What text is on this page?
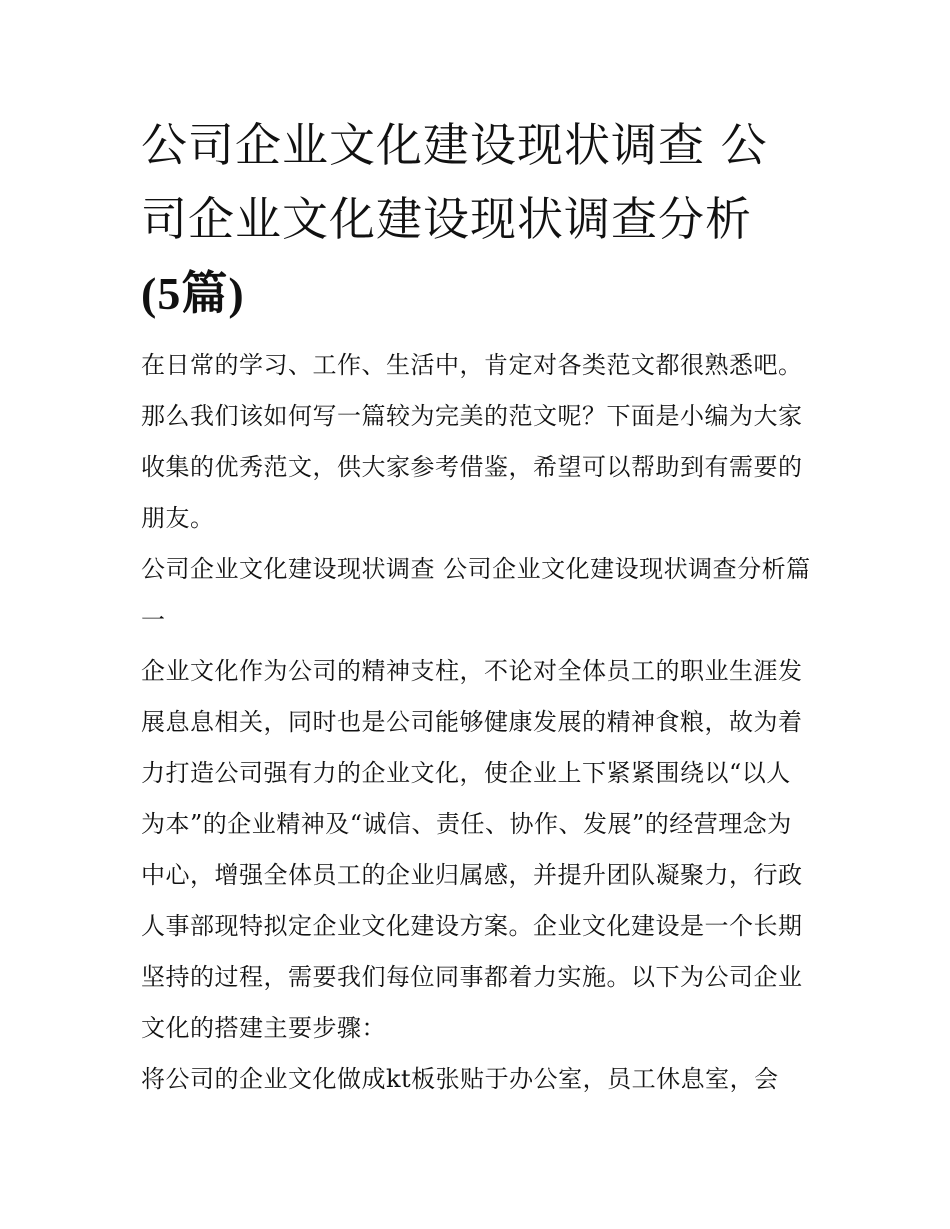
公司企业文化建设现状调查 公司企业文化建设现状调查分析
(5篇)

在日常的学习、工作、生活中，肯定对各类范文都很熟悉吧。那么我们该如何写一篇较为完美的范文呢？下面是小编为大家收集的优秀范文，供大家参考借鉴，希望可以帮助到有需要的朋友。

公司企业文化建设现状调查 公司企业文化建设现状调查分析篇一

企业文化作为公司的精神支柱，不论对全体员工的职业生涯发展息息相关，同时也是公司能够健康发展的精神食粮，故为着力打造公司强有力的企业文化，使企业上下紧紧围绕以“以人为本”的企业精神及“诚信、责任、协作、发展”的经营理念为中心，增强全体员工的企业归属感，并提升团队凝聚力，行政人事部现特拟定企业文化建设方案。企业文化建设是一个长期坚持的过程，需要我们每位同事都着力实施。以下为公司企业文化的搭建主要步骤：

将公司的企业文化做成kt板张贴于办公室，员工休息室，会
